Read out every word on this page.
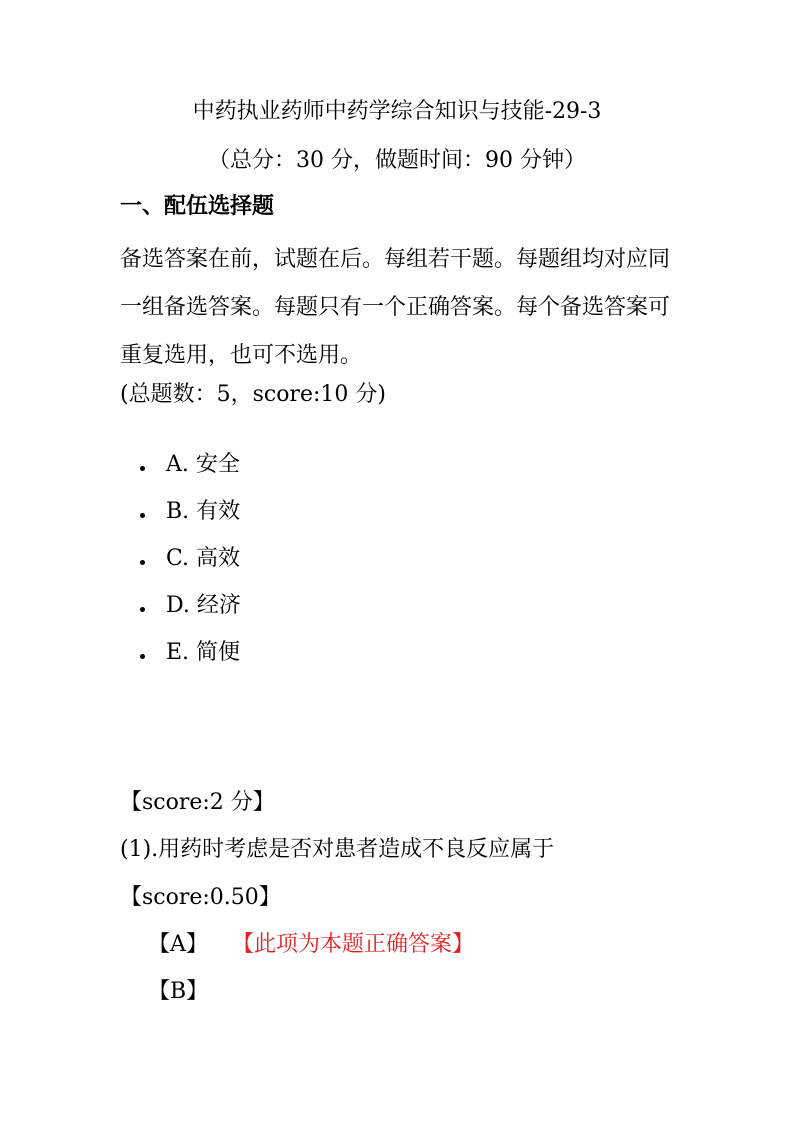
中药执业药师中药学综合知识与技能-29-3
（总分：30 分，做题时间：90 分钟）
一、配伍选择题
备选答案在前，试题在后。每组若干题。每题组均对应同一组备选答案。每题只有一个正确答案。每个备选答案可重复选用，也可不选用。
(总题数：5，score:10 分)
A. 安全
B. 有效
C. 高效
D. 经济
E. 简便
【score:2 分】
(1).用药时考虑是否对患者造成不良反应属于
【score:0.50】
【A】 【此项为本题正确答案】
【B】
